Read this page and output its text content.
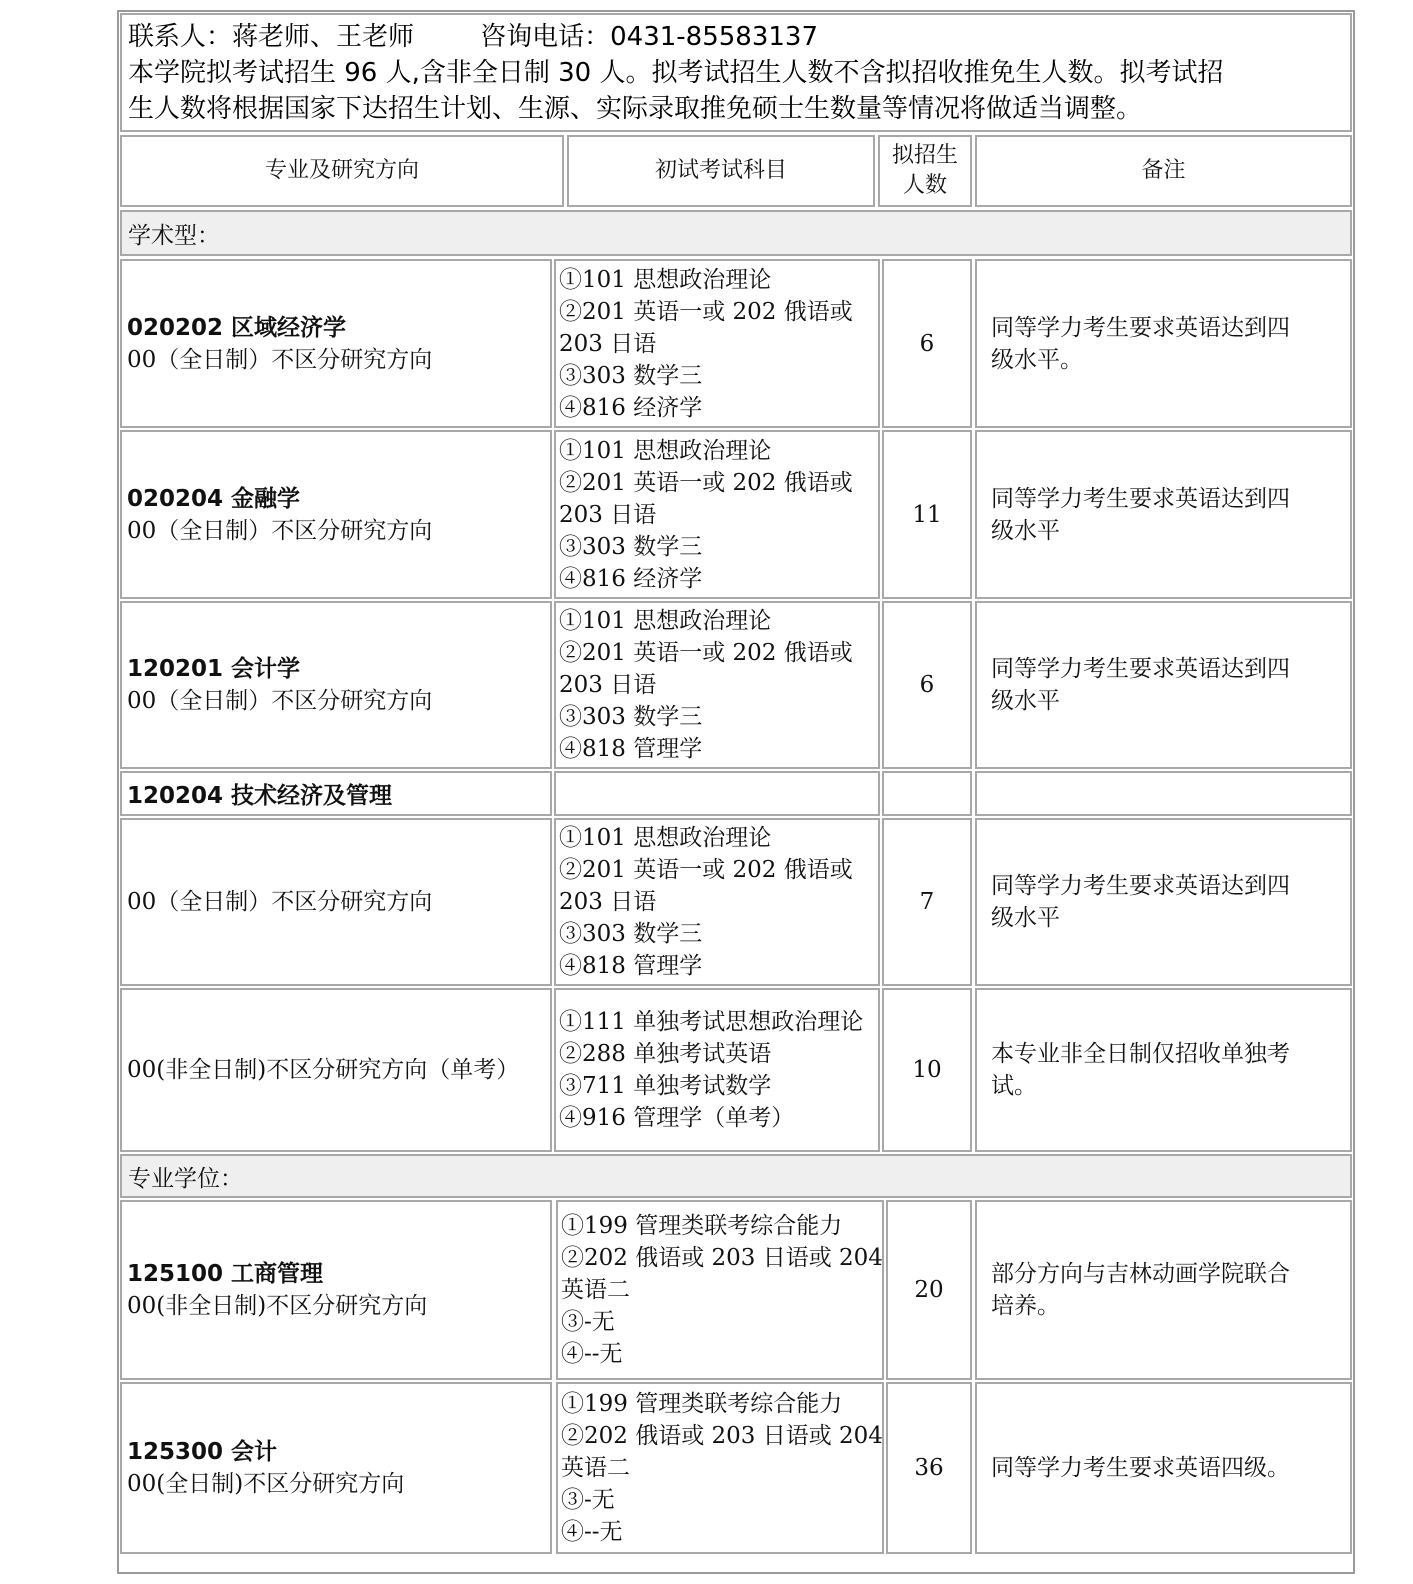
联系人：蒋老师、王老师        咨询电话：0431-85583137
本学院拟考试招生 96 人,含非全日制 30 人。拟考试招生人数不含拟招收推免生人数。拟考试招
生人数将根据国家下达招生计划、生源、实际录取推免硕士生数量等情况将做适当调整。
专业及研究方向	初试考试科目
拟招生
人数
备注
学术型：
020202 区域经济学
00（全日制）不区分研究方向
①101 思想政治理论
②201 英语一或 202 俄语或
203 日语
③303 数学三
④816 经济学
6
同等学力考生要求英语达到四
级水平。
020204 金融学
00（全日制）不区分研究方向
①101 思想政治理论
②201 英语一或 202 俄语或
203 日语
③303 数学三
④816 经济学
11
同等学力考生要求英语达到四
级水平
120201 会计学
00（全日制）不区分研究方向
①101 思想政治理论
②201 英语一或 202 俄语或
203 日语
③303 数学三
④818 管理学
6
同等学力考生要求英语达到四
级水平
120204 技术经济及管理
00（全日制）不区分研究方向
①101 思想政治理论
②201 英语一或 202 俄语或
203 日语
③303 数学三
④818 管理学
7
同等学力考生要求英语达到四
级水平
00(非全日制)不区分研究方向（单考）
①111 单独考试思想政治理论
②288 单独考试英语
③711 单独考试数学
④916 管理学（单考）
10
本专业非全日制仅招收单独考
试。
专业学位：
125100 工商管理
00(非全日制)不区分研究方向
①199 管理类联考综合能力
②202 俄语或 203 日语或 204
英语二
③-无
④--无
20
部分方向与吉林动画学院联合
培养。
125300 会计
00(全日制)不区分研究方向
①199 管理类联考综合能力
②202 俄语或 203 日语或 204
英语二
③-无
④--无
36 同等学力考生要求英语四级。
